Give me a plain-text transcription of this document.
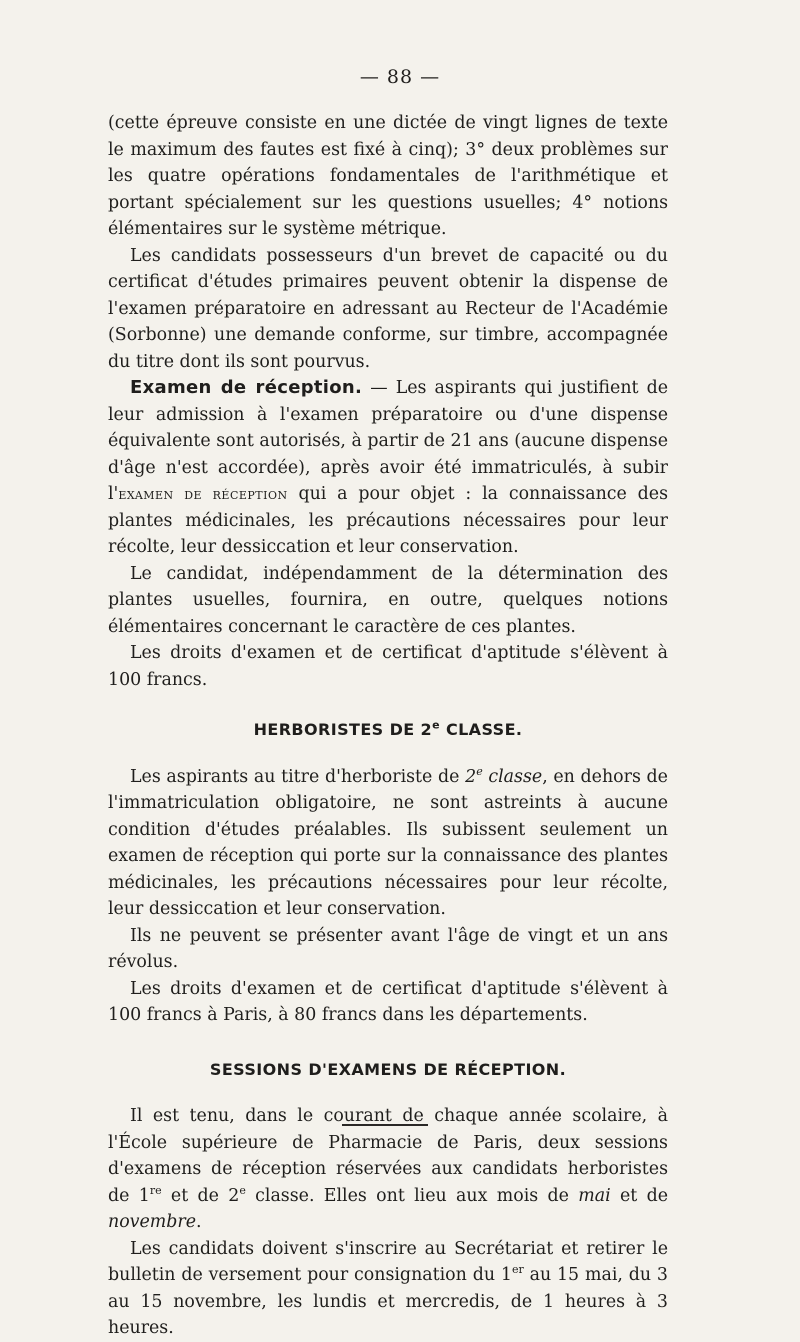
— 88 —

(cette épreuve consiste en une dictée de vingt lignes de texte le maximum des fautes est fixé à cinq); 3° deux problèmes sur les quatre opérations fondamentales de l'arithmétique et portant spécialement sur les questions usuelles; 4° notions élémentaires sur le système métrique.

Les candidats possesseurs d'un brevet de capacité ou du certificat d'études primaires peuvent obtenir la dispense de l'examen préparatoire en adressant au Recteur de l'Académie (Sorbonne) une demande conforme, sur timbre, accompagnée du titre dont ils sont pourvus.

Examen de réception. — Les aspirants qui justifient de leur admission à l'examen préparatoire ou d'une dispense équivalente sont autorisés, à partir de 21 ans (aucune dispense d'âge n'est accordée), après avoir été immatriculés, à subir l'examen de réception qui a pour objet : la connaissance des plantes médicinales, les précautions nécessaires pour leur récolte, leur dessiccation et leur conservation.

Le candidat, indépendamment de la détermination des plantes usuelles, fournira, en outre, quelques notions élémentaires concernant le caractère de ces plantes.

Les droits d'examen et de certificat d'aptitude s'élèvent à 100 francs.

HERBORISTES DE 2e CLASSE.

Les aspirants au titre d'herboriste de 2e classe, en dehors de l'immatriculation obligatoire, ne sont astreints à aucune condition d'études préalables. Ils subissent seulement un examen de réception qui porte sur la connaissance des plantes médicinales, les précautions nécessaires pour leur récolte, leur dessiccation et leur conservation.

Ils ne peuvent se présenter avant l'âge de vingt et un ans révolus.

Les droits d'examen et de certificat d'aptitude s'élèvent à 100 francs à Paris, à 80 francs dans les départements.

SESSIONS D'EXAMENS DE RÉCEPTION.

Il est tenu, dans le courant de chaque année scolaire, à l'École supérieure de Pharmacie de Paris, deux sessions d'examens de réception réservées aux candidats herboristes de 1re et de 2e classe. Elles ont lieu aux mois de mai et de novembre.

Les candidats doivent s'inscrire au Secrétariat et retirer le bulletin de versement pour consignation du 1er au 15 mai, du 3 au 15 novembre, les lundis et mercredis, de 1 heures à 3 heures.
